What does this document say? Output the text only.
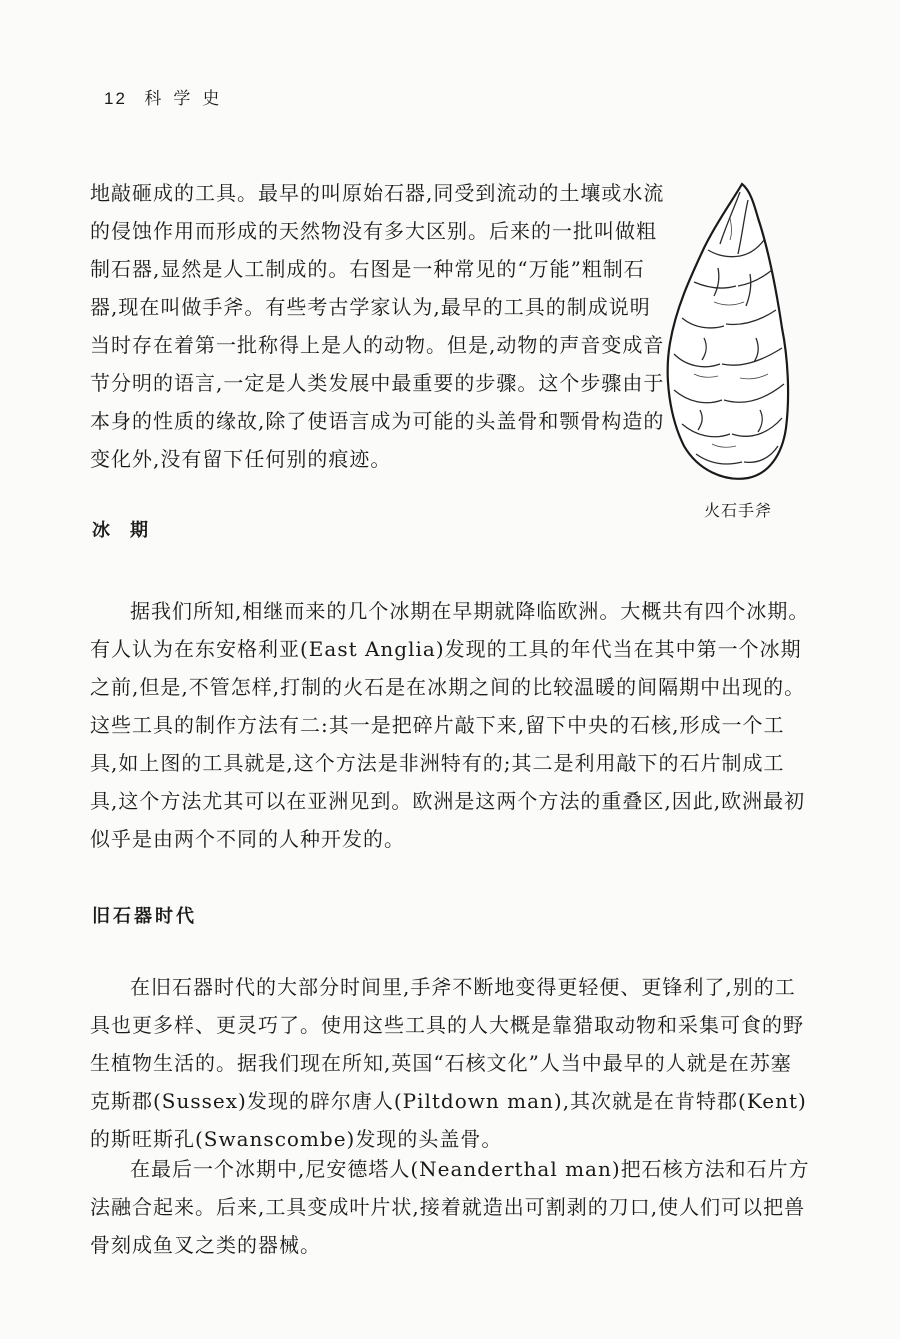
12 科学史

地敲砸成的工具。最早的叫原始石器,同受到流动的土壤或水流的侵蚀作用而形成的天然物没有多大区别。后来的一批叫做粗制石器,显然是人工制成的。右图是一种常见的“万能”粗制石器,现在叫做手斧。有些考古学家认为,最早的工具的制成说明当时存在着第一批称得上是人的动物。但是,动物的声音变成音节分明的语言,一定是人类发展中最重要的步骤。这个步骤由于本身的性质的缘故,除了使语言成为可能的头盖骨和颚骨构造的变化外,没有留下任何别的痕迹。

火石手斧
冰期

据我们所知,相继而来的几个冰期在早期就降临欧洲。大概共有四个冰期。有人认为在东安格利亚(East Anglia)发现的工具的年代当在其中第一个冰期之前,但是,不管怎样,打制的火石是在冰期之间的比较温暖的间隔期中出现的。这些工具的制作方法有二:其一是把碎片敲下来,留下中央的石核,形成一个工具,如上图的工具就是,这个方法是非洲特有的;其二是利用敲下的石片制成工具,这个方法尤其可以在亚洲见到。欧洲是这两个方法的重叠区,因此,欧洲最初似乎是由两个不同的人种开发的。

旧石器时代

在旧石器时代的大部分时间里,手斧不断地变得更轻便、更锋利了,别的工具也更多样、更灵巧了。使用这些工具的人大概是靠猎取动物和采集可食的野生植物生活的。据我们现在所知,英国“石核文化”人当中最早的人就是在苏塞克斯郡(Sussex)发现的辟尔唐人(Piltdown man),其次就是在肯特郡(Kent)的斯旺斯孔(Swanscombe)发现的头盖骨。

在最后一个冰期中,尼安德塔人(Neanderthal man)把石核方法和石片方法融合起来。后来,工具变成叶片状,接着就造出可割剥的刀口,使人们可以把兽骨刻成鱼叉之类的器械。
